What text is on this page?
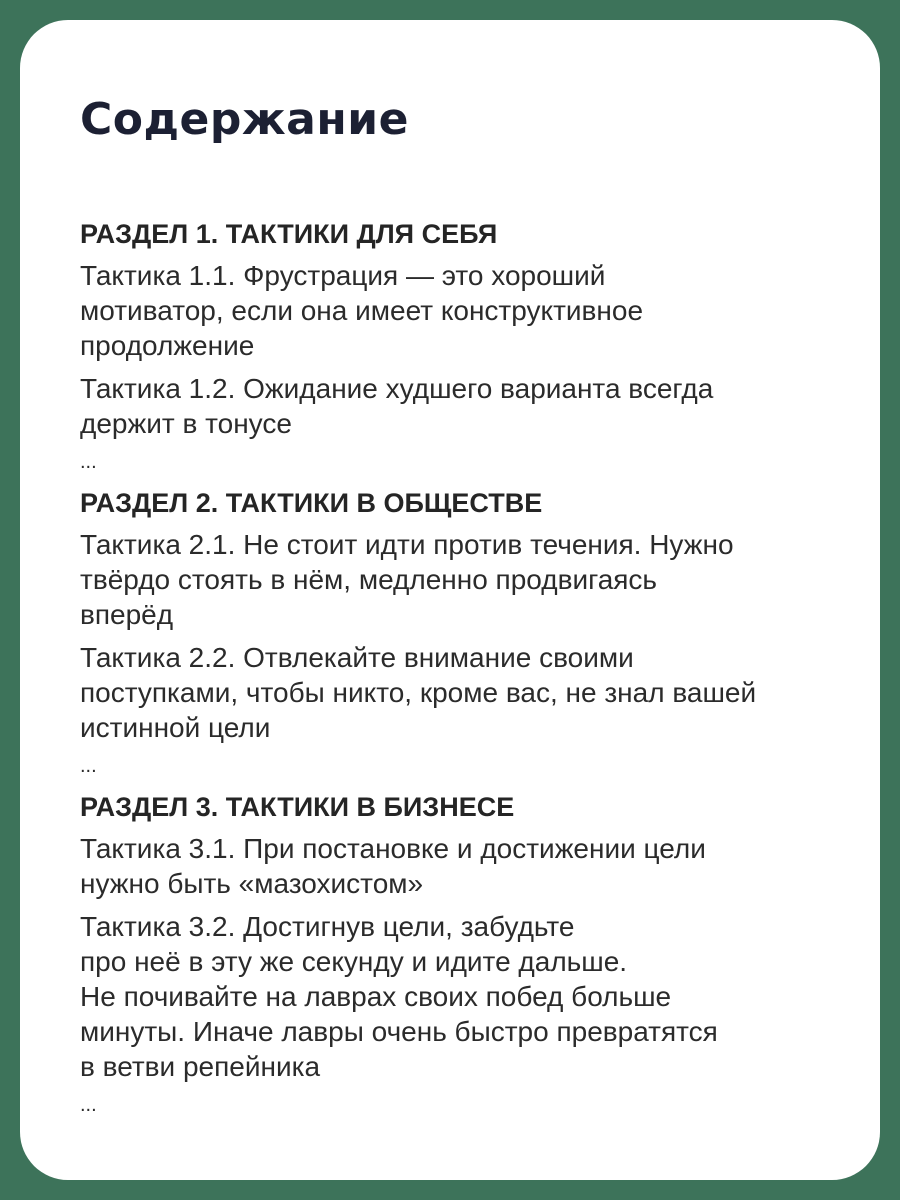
Содержание
РАЗДЕЛ 1. ТАКТИКИ ДЛЯ СЕБЯ
Тактика 1.1. Фрустрация — это хороший
мотиватор, если она имеет конструктивное
продолжение
Тактика 1.2. Ожидание худшего варианта всегда
держит в тонусе
...
РАЗДЕЛ 2. ТАКТИКИ В ОБЩЕСТВЕ
Тактика 2.1. Не стоит идти против течения. Нужно
твёрдо стоять в нём, медленно продвигаясь
вперёд
Тактика 2.2. Отвлекайте внимание своими
поступками, чтобы никто, кроме вас, не знал вашей
истинной цели
...
РАЗДЕЛ 3. ТАКТИКИ В БИЗНЕСЕ
Тактика 3.1. При постановке и достижении цели
нужно быть «мазохистом»
Тактика 3.2. Достигнув цели, забудьте
про неё в эту же секунду и идите дальше.
Не почивайте на лаврах своих побед больше
минуты. Иначе лавры очень быстро превратятся
в ветви репейника
...
